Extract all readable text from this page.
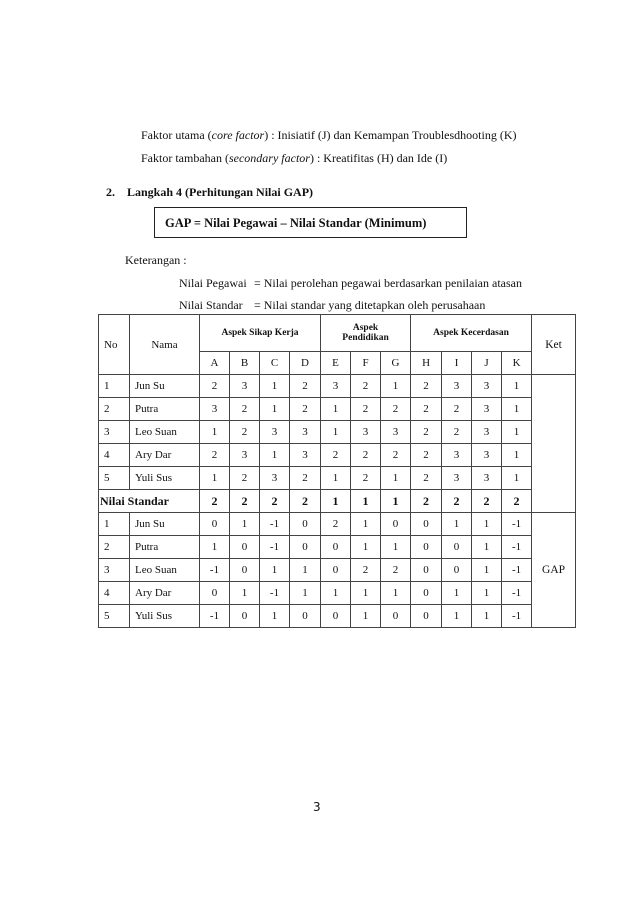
Faktor utama (core factor) : Inisiatif (J) dan Kemampan Troublesdhooting (K)
Faktor tambahan (secondary factor) : Kreatifitas (H) dan Ide (I)
2. Langkah 4 (Perhitungan Nilai GAP)
GAP = Nilai Pegawai – Nilai Standar (Minimum)
Keterangan :
Nilai Pegawai = Nilai perolehan pegawai berdasarkan penilaian atasan
Nilai Standar = Nilai standar yang ditetapkan oleh perusahaan
No	Nama	Aspek Sikap Kerja				Aspek
Pendidikan			Aspek Kecerdasan				Ket
		A	B	C	D	E	F	G	H	I	J	K	
1	Jun Su	2	3	1	2	3	2	1	2	3	3	1	
2	Putra	3	2	1	2	1	2	2	2	2	3	1	
3	Leo Suan	1	2	3	3	1	3	3	2	2	3	1	
4	Ary Dar	2	3	1	3	2	2	2	2	3	3	1	
5	Yuli Sus	1	2	3	2	1	2	1	2	3	3	1	
Nilai Standar		2	2	2	2	1	1	1	2	2	2	2	
1	Jun Su	0	1	-1	0	2	1	0	0	1	1	-1	GAP
2	Putra	1	0	-1	0	0	1	1	0	0	1	-1	
3	Leo Suan	-1	0	1	1	0	2	2	0	0	1	-1	
4	Ary Dar	0	1	-1	1	1	1	1	0	1	1	-1	
5	Yuli Sus	-1	0	1	0	0	1	0	0	1	1	-1	
3
